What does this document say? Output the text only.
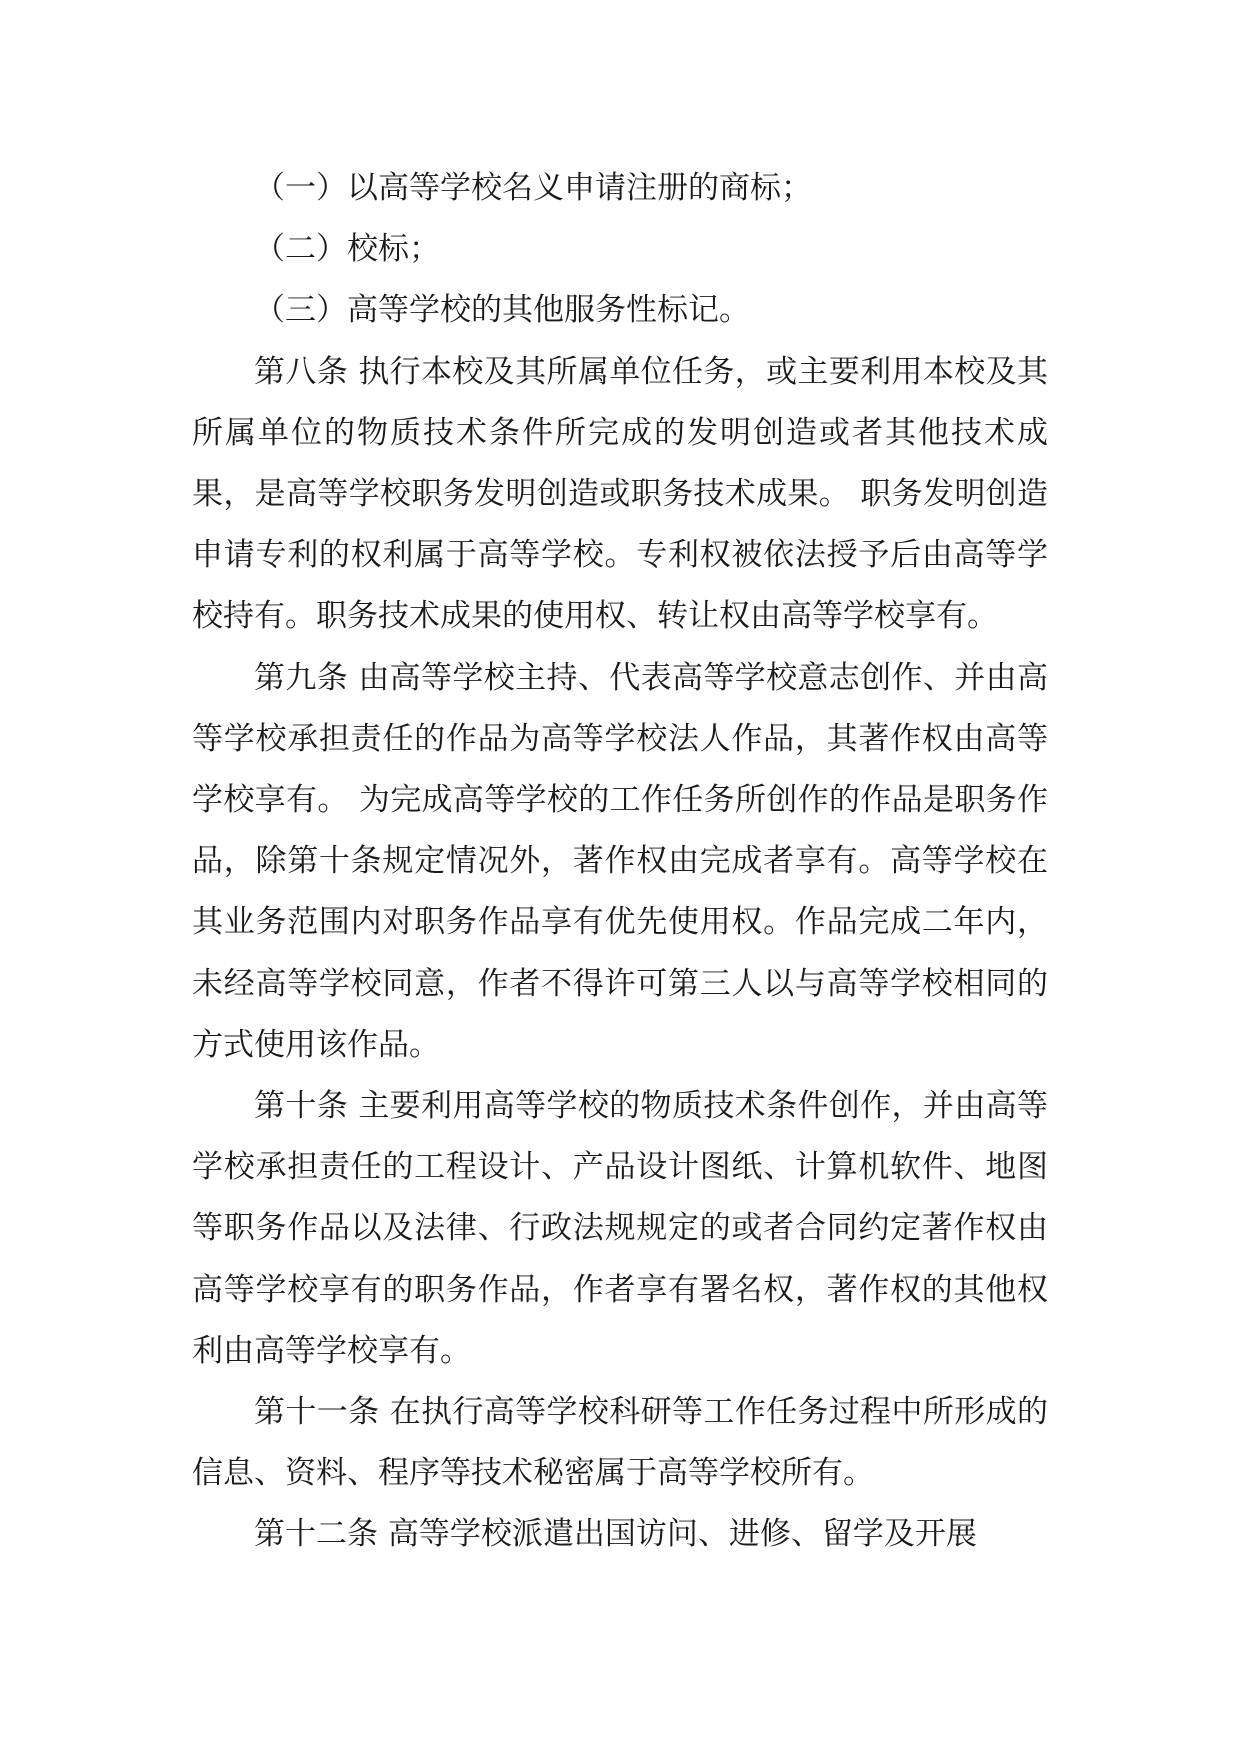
（一）以高等学校名义申请注册的商标；

（二）校标；

（三）高等学校的其他服务性标记。

第八条 执行本校及其所属单位任务，或主要利用本校及其所属单位的物质技术条件所完成的发明创造或者其他技术成果，是高等学校职务发明创造或职务技术成果。 职务发明创造申请专利的权利属于高等学校。专利权被依法授予后由高等学校持有。职务技术成果的使用权、转让权由高等学校享有。

第九条 由高等学校主持、代表高等学校意志创作、并由高等学校承担责任的作品为高等学校法人作品，其著作权由高等学校享有。 为完成高等学校的工作任务所创作的作品是职务作品，除第十条规定情况外，著作权由完成者享有。高等学校在其业务范围内对职务作品享有优先使用权。作品完成二年内，未经高等学校同意，作者不得许可第三人以与高等学校相同的方式使用该作品。

第十条 主要利用高等学校的物质技术条件创作，并由高等学校承担责任的工程设计、产品设计图纸、计算机软件、地图等职务作品以及法律、行政法规规定的或者合同约定著作权由高等学校享有的职务作品，作者享有署名权，著作权的其他权利由高等学校享有。

第十一条 在执行高等学校科研等工作任务过程中所形成的信息、资料、程序等技术秘密属于高等学校所有。

第十二条 高等学校派遣出国访问、进修、留学及开展
